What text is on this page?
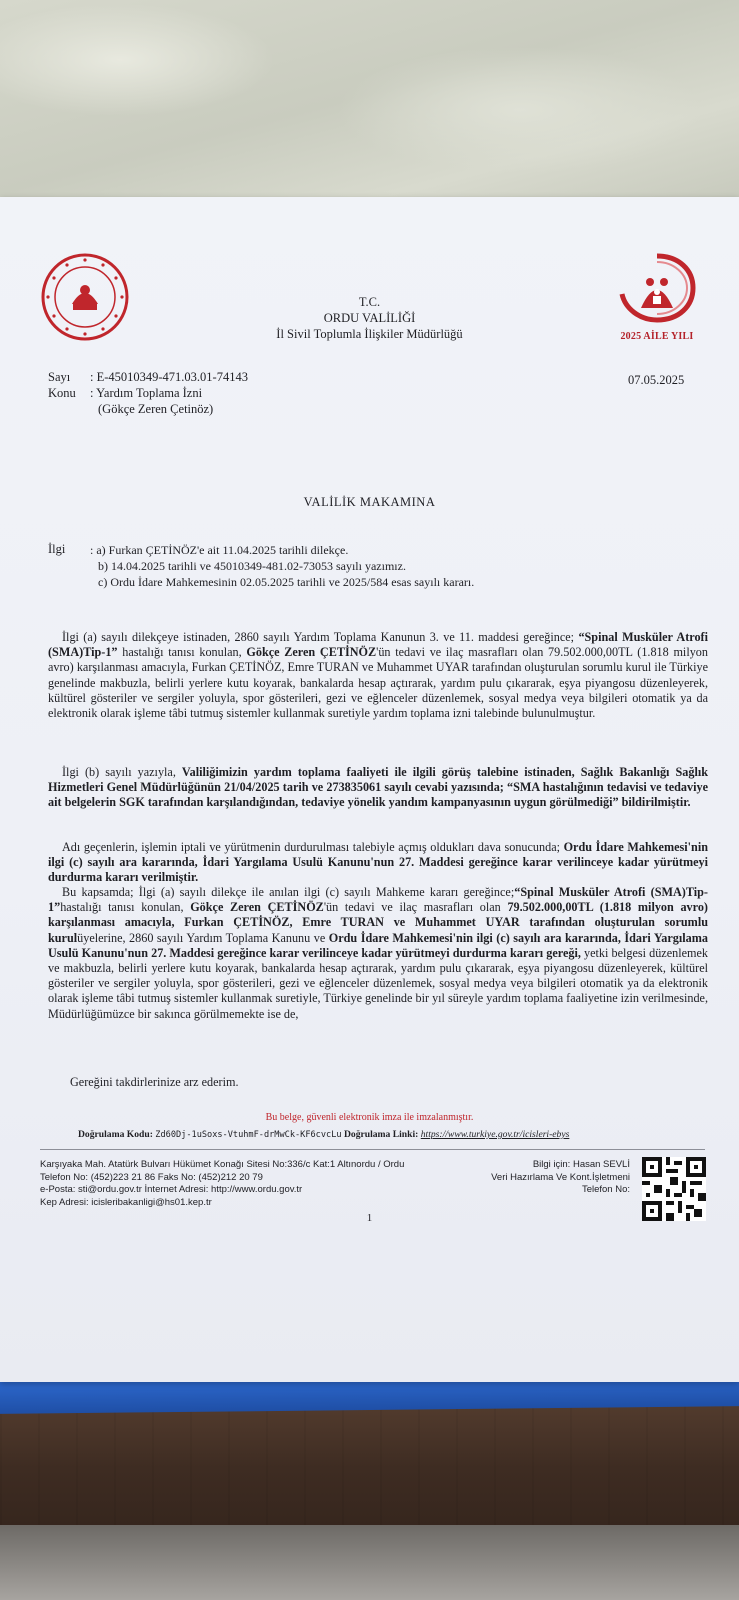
2025 AİLE YILI
T.C.
ORDU VALİLİĞİ
İl Sivil Toplumla İlişkiler Müdürlüğü
Sayı : E-45010349-471.03.01-74143
Konu : Yardım Toplama İzni
(Gökçe Zeren Çetinöz)
07.05.2025
VALİLİK MAKAMINA
İlgi : a) Furkan ÇETİNÖZ'e ait 11.04.2025 tarihli dilekçe.
b) 14.04.2025 tarihli ve 45010349-481.02-73053 sayılı yazımız.
c) Ordu İdare Mahkemesinin 02.05.2025 tarihli ve 2025/584 esas sayılı kararı.
İlgi (a) sayılı dilekçeye istinaden, 2860 sayılı Yardım Toplama Kanunun 3. ve 11. maddesi gereğince; “Spinal Musküler Atrofi (SMA)Tip-1” hastalığı tanısı konulan, Gökçe Zeren ÇETİNÖZ'ün tedavi ve ilaç masrafları olan 79.502.000,00TL (1.818 milyon avro) karşılanması amacıyla, Furkan ÇETİNÖZ, Emre TURAN ve Muhammet UYAR tarafından oluşturulan sorumlu kurul ile Türkiye genelinde makbuzla, belirli yerlere kutu koyarak, bankalarda hesap açtırarak, yardım pulu çıkararak, eşya piyangosu düzenleyerek, kültürel gösteriler ve sergiler yoluyla, spor gösterileri, gezi ve eğlenceler düzenlemek, sosyal medya veya bilgileri otomatik ya da elektronik olarak işleme tâbi tutmuş sistemler kullanmak suretiyle yardım toplama izni talebinde bulunulmuştur.
İlgi (b) sayılı yazıyla, Valiliğimizin yardım toplama faaliyeti ile ilgili görüş talebine istinaden, Sağlık Bakanlığı Sağlık Hizmetleri Genel Müdürlüğünün 21/04/2025 tarih ve 273835061 sayılı cevabi yazısında; “SMA hastalığının tedavisi ve tedaviye ait belgelerin SGK tarafından karşılandığından, tedaviye yönelik yandım kampanyasının uygun görülmediği” bildirilmiştir.
Adı geçenlerin, işlemin iptali ve yürütmenin durdurulması talebiyle açmış oldukları dava sonucunda; Ordu İdare Mahkemesi'nin ilgi (c) sayılı ara kararında, İdari Yargılama Usulü Kanunu'nun 27. Maddesi gereğince karar verilinceye kadar yürütmeyi durdurma kararı verilmiştir.
Bu kapsamda; İlgi (a) sayılı dilekçe ile anılan ilgi (c) sayılı Mahkeme kararı gereğince;“Spinal Musküler Atrofi (SMA)Tip-1”hastalığı tanısı konulan, Gökçe Zeren ÇETİNÖZ'ün tedavi ve ilaç masrafları olan 79.502.000,00TL (1.818 milyon avro) karşılanması amacıyla, Furkan ÇETİNÖZ, Emre TURAN ve Muhammet UYAR tarafından oluşturulan sorumlu kurulüyelerine, 2860 sayılı Yardım Toplama Kanunu ve Ordu İdare Mahkemesi'nin ilgi (c) sayılı ara kararında, İdari Yargılama Usulü Kanunu'nun 27. Maddesi gereğince karar verilinceye kadar yürütmeyi durdurma kararı gereği, yetki belgesi düzenlemek ve makbuzla, belirli yerlere kutu koyarak, bankalarda hesap açtırarak, yardım pulu çıkararak, eşya piyangosu düzenleyerek, kültürel gösteriler ve sergiler yoluyla, spor gösterileri, gezi ve eğlenceler düzenlemek, sosyal medya veya bilgileri otomatik ya da elektronik olarak işleme tâbi tutmuş sistemler kullanmak suretiyle, Türkiye genelinde bir yıl süreyle yardım toplama faaliyetine izin verilmesinde, Müdürlüğümüzce bir sakınca görülmemekte ise de,
Gereğini takdirlerinize arz ederim.
Bu belge, güvenli elektronik imza ile imzalanmıştır.
Doğrulama Kodu: Zd60Dj-1uSoxs-VtuhmF-drMwCk-KF6cvcLu Doğrulama Linki: https://www.turkiye.gov.tr/icisleri-ebys
Karşıyaka Mah. Atatürk Bulvarı Hükümet Konağı Sitesi No:336/c Kat:1 Altınordu / Ordu
Telefon No: (452)223 21 86 Faks No: (452)212 20 79
e-Posta: sti@ordu.gov.tr İnternet Adresi: http://www.ordu.gov.tr
Kep Adresi: icisleribakanligi@hs01.kep.tr
Bilgi için: Hasan SEVLİ
Veri Hazırlama Ve Kont.İşletmeni
Telefon No:
1
